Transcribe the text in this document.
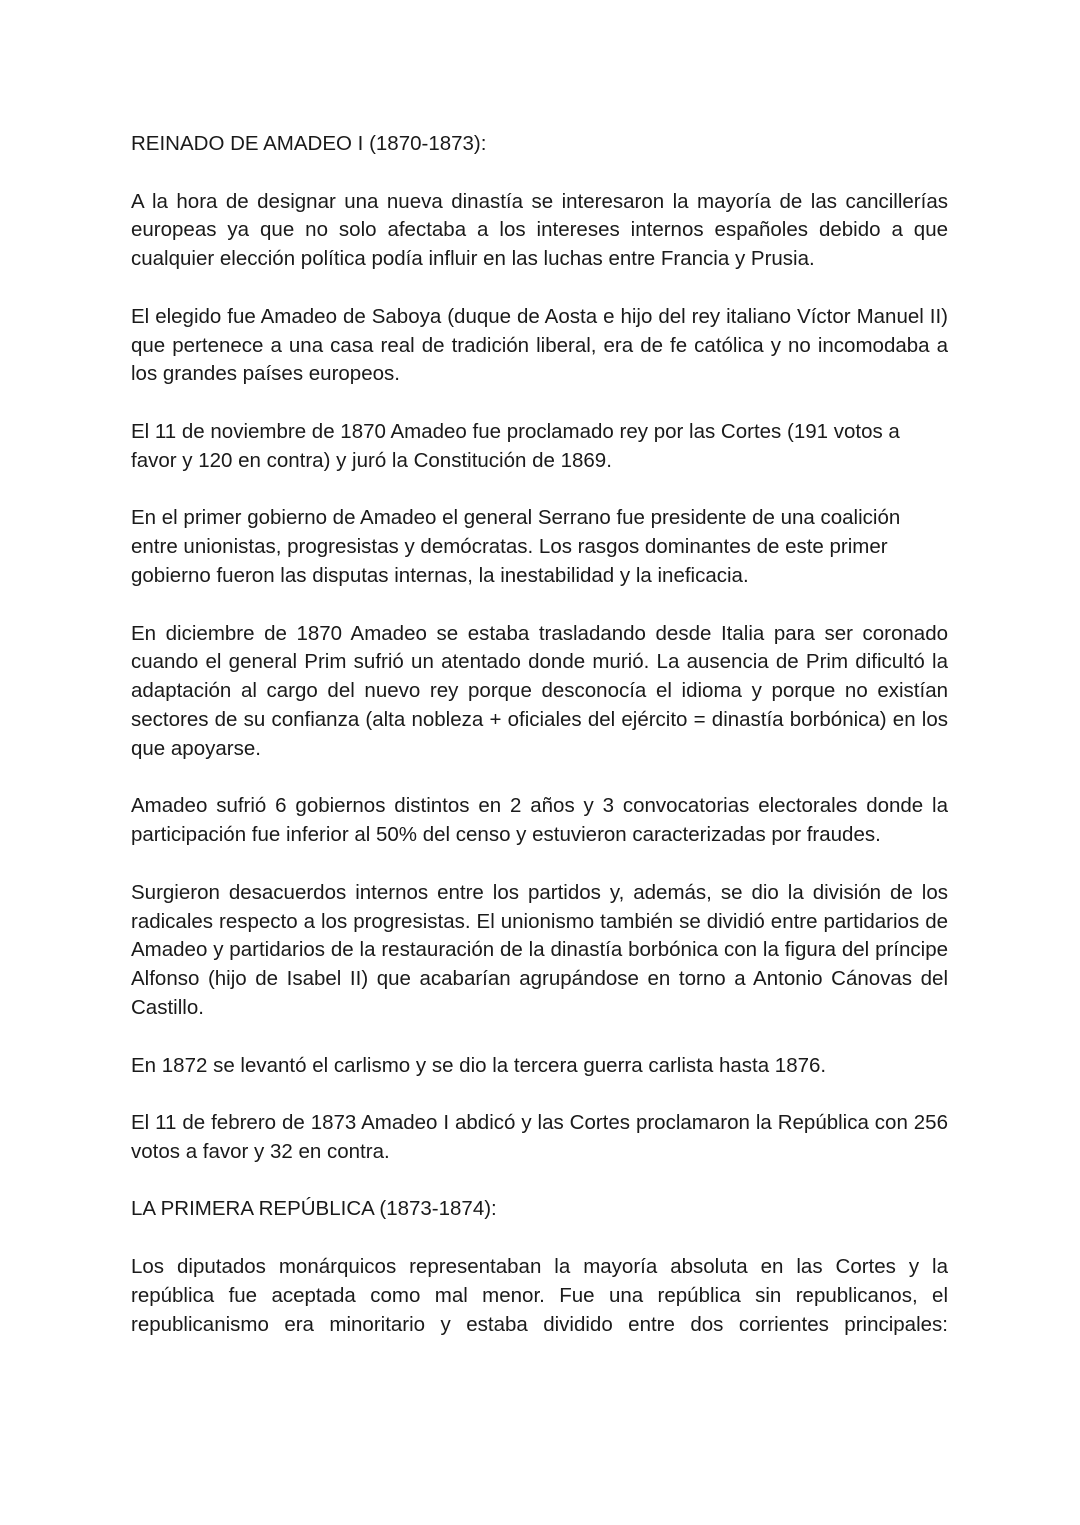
REINADO DE AMADEO I (1870-1873):

A la hora de designar una nueva dinastía se interesaron la mayoría de las cancillerías europeas ya que no solo afectaba a los intereses internos españoles debido a que cualquier elección política podía influir en las luchas entre Francia y Prusia.

El elegido fue Amadeo de Saboya (duque de Aosta e hijo del rey italiano Víctor Manuel II) que pertenece a una casa real de tradición liberal, era de fe católica y no incomodaba a los grandes países europeos.

El 11 de noviembre de 1870 Amadeo fue proclamado rey por las Cortes (191 votos a favor y 120 en contra) y juró la Constitución de 1869.

En el primer gobierno de Amadeo el general Serrano fue presidente de una coalición entre unionistas, progresistas y demócratas. Los rasgos dominantes de este primer gobierno fueron las disputas internas, la inestabilidad y la ineficacia.

En diciembre de 1870 Amadeo se estaba trasladando desde Italia para ser coronado cuando el general Prim sufrió un atentado donde murió. La ausencia de Prim dificultó la adaptación al cargo del nuevo rey porque desconocía el idioma y porque no existían sectores de su confianza (alta nobleza + oficiales del ejército = dinastía borbónica) en los que apoyarse.

Amadeo sufrió 6 gobiernos distintos en 2 años y 3 convocatorias electorales donde la participación fue inferior al 50% del censo y estuvieron caracterizadas por fraudes.

Surgieron desacuerdos internos entre los partidos y, además, se dio la división de los radicales respecto a los progresistas. El unionismo también se dividió entre partidarios de Amadeo y partidarios de la restauración de la dinastía borbónica con la figura del príncipe Alfonso (hijo de Isabel II) que acabarían agrupándose en torno a Antonio Cánovas del Castillo.

En 1872 se levantó el carlismo y se dio la tercera guerra carlista hasta 1876.

El 11 de febrero de 1873 Amadeo I abdicó y las Cortes proclamaron la República con 256 votos a favor y 32 en contra.

LA PRIMERA REPÚBLICA (1873-1874):

Los diputados monárquicos representaban la mayoría absoluta en las Cortes y la república fue aceptada como mal menor. Fue una república sin republicanos, el republicanismo era minoritario y estaba dividido entre dos corrientes principales:
